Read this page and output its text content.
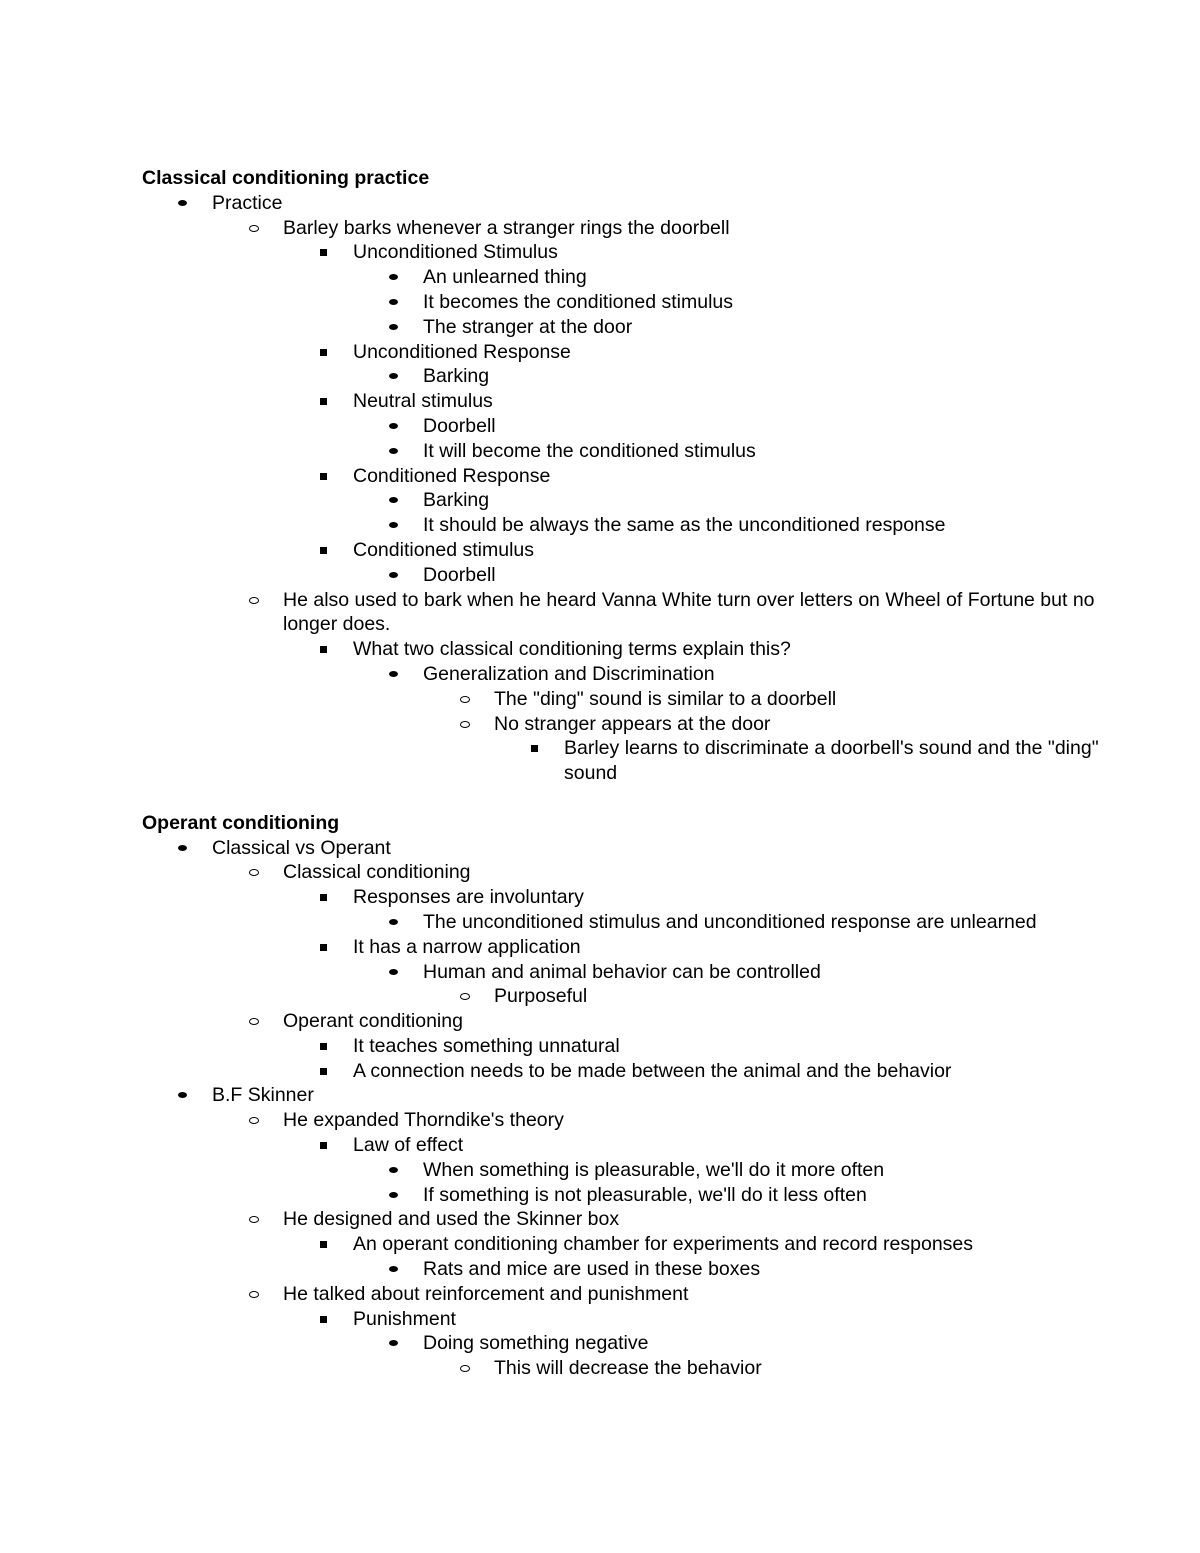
Classical conditioning practice
Practice
Barley barks whenever a stranger rings the doorbell
Unconditioned Stimulus
An unlearned thing
It becomes the conditioned stimulus
The stranger at the door
Unconditioned Response
Barking
Neutral stimulus
Doorbell
It will become the conditioned stimulus
Conditioned Response
Barking
It should be always the same as the unconditioned response
Conditioned stimulus
Doorbell
He also used to bark when he heard Vanna White turn over letters on Wheel of Fortune but no longer does.
What two classical conditioning terms explain this?
Generalization and Discrimination
The "ding" sound is similar to a doorbell
No stranger appears at the door
Barley learns to discriminate a doorbell's sound and the "ding" sound
Operant conditioning
Classical vs Operant
Classical conditioning
Responses are involuntary
The unconditioned stimulus and unconditioned response are unlearned
It has a narrow application
Human and animal behavior can be controlled
Purposeful
Operant conditioning
It teaches something unnatural
A connection needs to be made between the animal and the behavior
B.F Skinner
He expanded Thorndike's theory
Law of effect
When something is pleasurable, we'll do it more often
If something is not pleasurable, we'll do it less often
He designed and used the Skinner box
An operant conditioning chamber for experiments and record responses
Rats and mice are used in these boxes
He talked about reinforcement and punishment
Punishment
Doing something negative
This will decrease the behavior
